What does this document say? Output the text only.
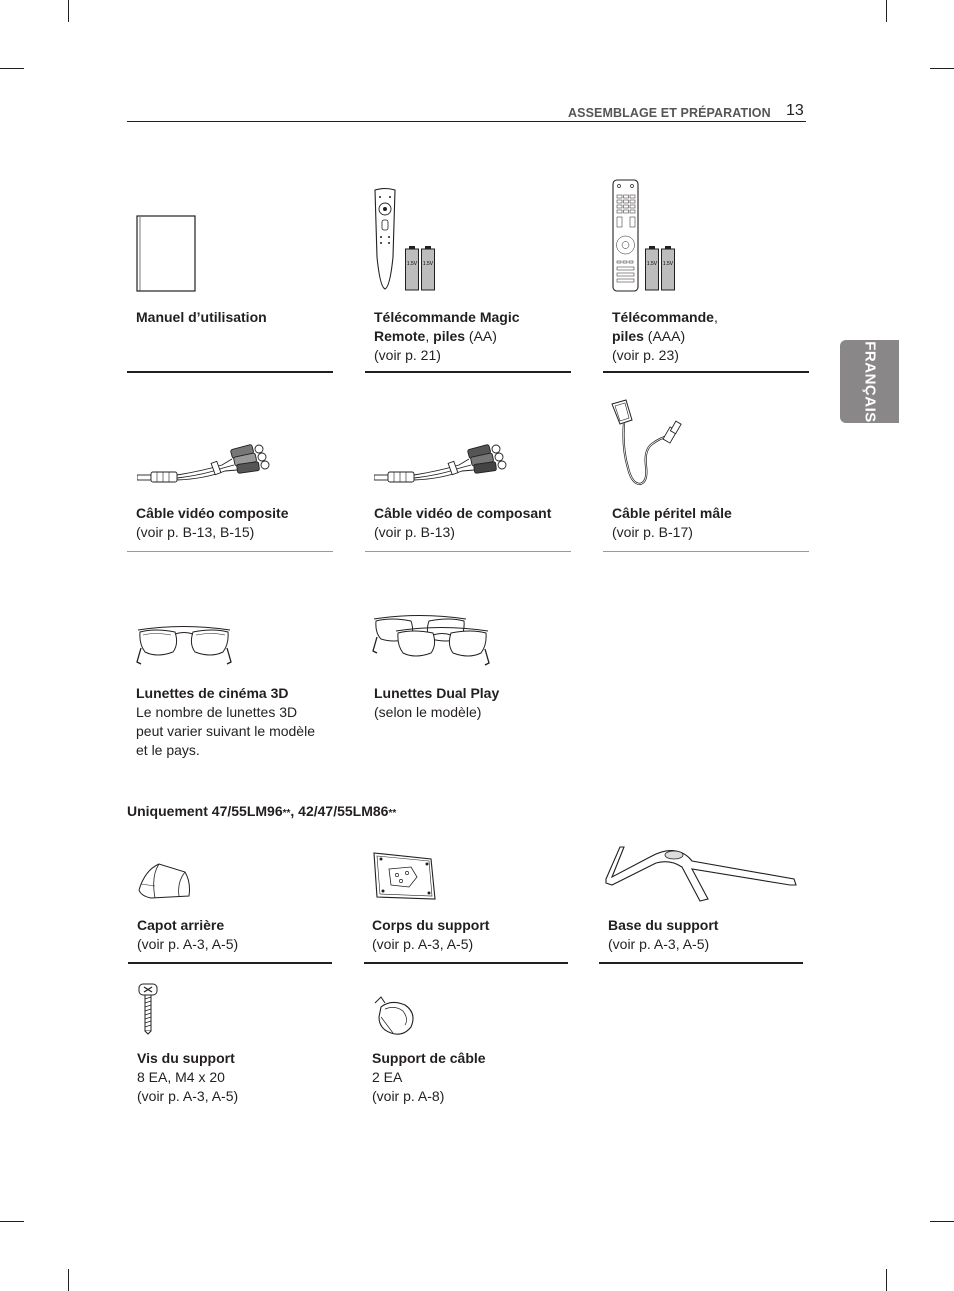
ASSEMBLAGE ET PRÉPARATION 13
FRANÇAIS
Manuel d’utilisation
1.5V 1.5V
Télécommande Magic
Remote, piles (AA)
(voir p. 21)
1.5V 1.5V
Télécommande,
piles (AAA)
(voir p. 23)
Câble vidéo composite
(voir p. B-13, B-15)
Câble vidéo de composant
(voir p. B-13)
Câble péritel mâle
(voir p. B-17)
Lunettes de cinéma 3D
Le nombre de lunettes 3D
peut varier suivant le modèle
et le pays.
Lunettes Dual Play
(selon le modèle)
Uniquement 47/55LM96**, 42/47/55LM86**
Capot arrière
(voir p. A-3, A-5)
Corps du support
(voir p. A-3, A-5)
Base du support
(voir p. A-3, A-5)
Vis du support
8 EA, M4 x 20
(voir p. A-3, A-5)
Support de câble
2 EA
(voir p. A-8)
